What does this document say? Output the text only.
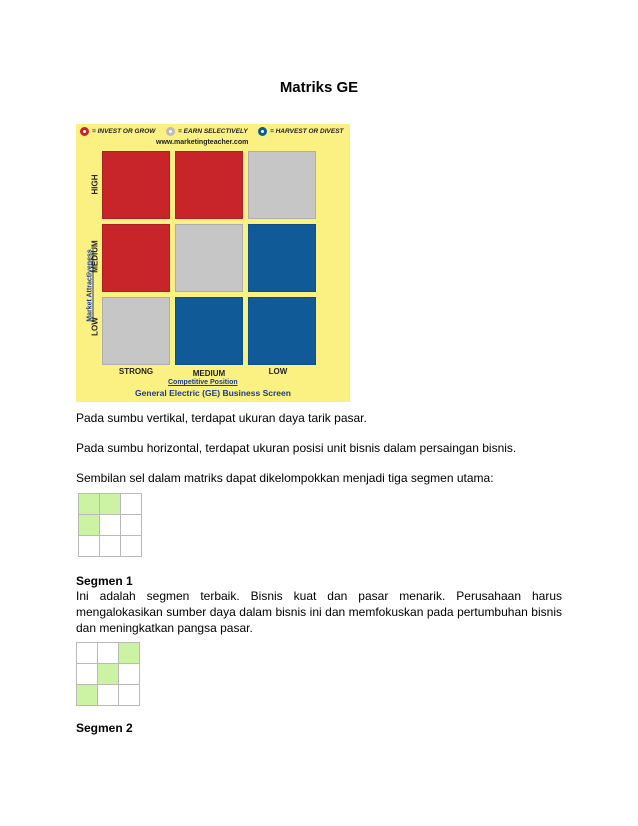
Matriks GE
= INVEST OR GROW	= EARN SELECTIVELY	= HARVEST OR DIVEST
www.marketingteacher.com
Market Attractiveness
HIGH
MEDIUM
LOW
STRONG	MEDIUM	LOW
Competitive Position
General Electric (GE) Business Screen

Pada sumbu vertikal, terdapat ukuran daya tarik pasar.

Pada sumbu horizontal, terdapat ukuran posisi unit bisnis dalam persaingan bisnis.

Sembilan sel dalam matriks dapat dikelompokkan menjadi tiga segmen utama:

Segmen 1

Ini adalah segmen terbaik. Bisnis kuat dan pasar menarik. Perusahaan harus mengalokasikan sumber daya dalam bisnis ini dan memfokuskan pada pertumbuhan bisnis dan meningkatkan pangsa pasar.

Segmen 2
